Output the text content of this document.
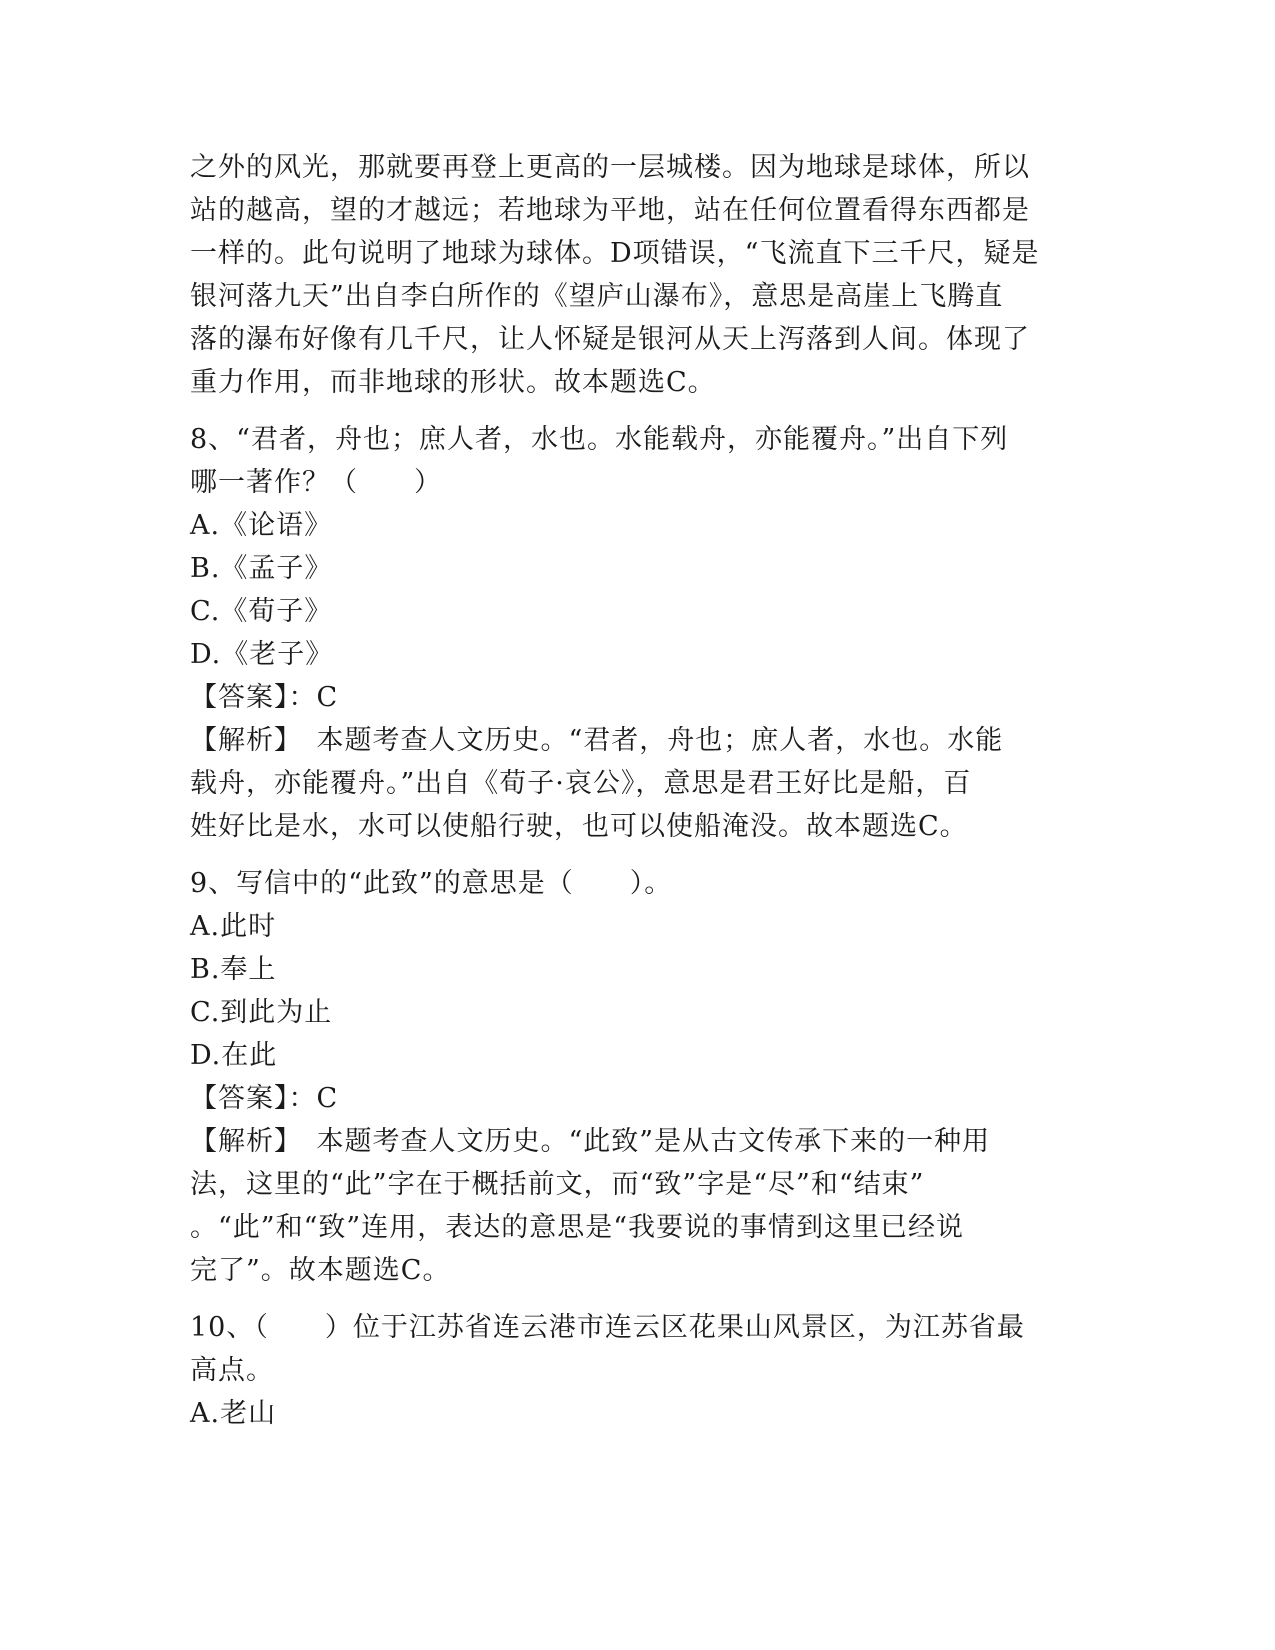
之外的风光，那就要再登上更高的一层城楼。因为地球是球体，所以
站的越高，望的才越远；若地球为平地，站在任何位置看得东西都是
一样的。此句说明了地球为球体。D项错误，“飞流直下三千尺，疑是
银河落九天”出自李白所作的《望庐山瀑布》，意思是高崖上飞腾直
落的瀑布好像有几千尺，让人怀疑是银河从天上泻落到人间。体现了
重力作用，而非地球的形状。故本题选C。
8、“君者，舟也；庶人者，水也。水能载舟，亦能覆舟。”出自下列
哪一著作？（　　）
A.《论语》
B.《孟子》
C.《荀子》
D.《老子》
【答案】：C
【解析】　本题考查人文历史。“君者，舟也；庶人者，水也。水能
载舟，亦能覆舟。”出自《荀子·哀公》，意思是君王好比是船，百
姓好比是水，水可以使船行驶，也可以使船淹没。故本题选C。
9、写信中的“此致”的意思是（　　）。
A.此时
B.奉上
C.到此为止
D.在此
【答案】：C
【解析】　本题考查人文历史。“此致”是从古文传承下来的一种用
法，这里的“此”字在于概括前文，而“致”字是“尽”和“结束”
。“此”和“致”连用，表达的意思是“我要说的事情到这里已经说
完了”。故本题选C。
10、（　　）位于江苏省连云港市连云区花果山风景区，为江苏省最
高点。
A.老山
